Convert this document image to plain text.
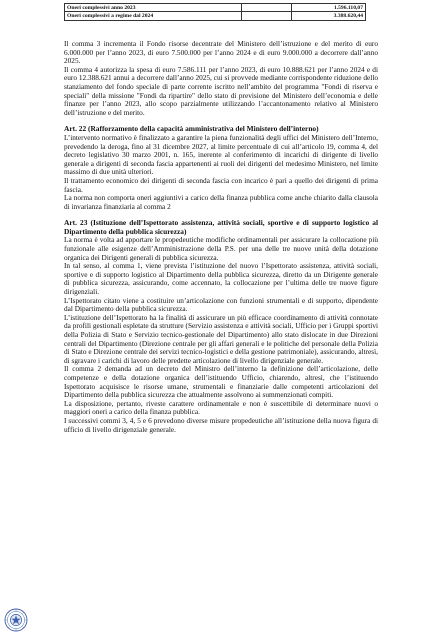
Oneri complessivi anno 2023		1.596.110,07
Oneri complessivi a regime dal 2024		3.388.620,44

Il comma 3 incrementa il Fondo risorse decentrate del Ministero dell’istruzione e del merito di euro 6.000.000 per l’anno 2023, di euro 7.500.000 per l’anno 2024 e di euro 9.000.000 a decorrere dall’anno 2025.

Il comma 4 autorizza la spesa di euro 7.586.111 per l’anno 2023, di euro 10.888.621 per l’anno 2024 e di euro 12.388.621 annui a decorrere dall’anno 2025, cui si provvede mediante corrispondente riduzione dello stanziamento del fondo speciale di parte corrente iscritto nell’ambito del programma "Fondi di riserva e speciali" della missione "Fondi da ripartire" dello stato di previsione del Ministero dell’economia e delle finanze per l’anno 2023, allo scopo parzialmente utilizzando l’accantonamento relativo al Ministero dell’istruzione e del merito.

Art. 22 (Rafforzamento della capacità amministrativa del Ministero dell’interno)

L’intervento normativo è finalizzato a garantire la piena funzionalità degli uffici del Ministero dell’Interno, prevedendo la deroga, fino al 31 dicembre 2027, al limite percentuale di cui all’articolo 19, comma 4, del decreto legislativo 30 marzo 2001, n. 165, inerente al conferimento di incarichi di dirigente di livello generale a dirigenti di seconda fascia appartenenti ai ruoli dei dirigenti del medesimo Ministero, nel limite massimo di due unità ulteriori.

Il trattamento economico dei dirigenti di seconda fascia con incarico è pari a quello dei dirigenti di prima fascia.

La norma non comporta oneri aggiuntivi a carico della finanza pubblica come anche chiarito dalla clausola di invarianza finanziaria al comma 2

Art. 23 (Istituzione dell’Ispettorato assistenza, attività sociali, sportive e di supporto logistico al Dipartimento della pubblica sicurezza)

La norma è volta ad apportare le propedeutiche modifiche ordinamentali per assicurare la collocazione più funzionale alle esigenze dell’Amministrazione della P.S. per una delle tre nuove unità della dotazione organica dei Dirigenti generali di pubblica sicurezza.

In tal senso, al comma 1, viene prevista l’istituzione del nuovo l’Ispettorato assistenza, attività sociali, sportive e di supporto logistico al Dipartimento della pubblica sicurezza, diretto da un Dirigente generale di pubblica sicurezza, assicurando, come accennato, la collocazione per l’ultima delle tre nuove figure dirigenziali.

L’Ispettorato citato viene a costituire un’articolazione con funzioni strumentali e di supporto, dipendente dal Dipartimento della pubblica sicurezza.

L’istituzione dell’Ispettorato ha la finalità di assicurare un più efficace coordinamento di attività connotate da profili gestionali espletate da strutture (Servizio assistenza e attività sociali, Ufficio per i Gruppi sportivi della Polizia di Stato e Servizio tecnico-gestionale del Dipartimento) allo stato dislocate in due Direzioni centrali del Dipartimento (Direzione centrale per gli affari generali e le politiche del personale della Polizia di Stato e Direzione centrale dei servizi tecnico-logistici e della gestione patrimoniale), assicurando, altresì, di sgravare i carichi di lavoro delle predette articolazione di livello dirigenziale generale.

Il comma 2 demanda ad un decreto del Ministro dell’interno la definizione dell’articolazione, delle competenze e della dotazione organica dell’istituendo Ufficio, chiarendo, altresì, che l’istituendo Ispettorato acquisisce le risorse umane, strumentali e finanziarie dalle competenti articolazioni del Dipartimento della pubblica sicurezza che attualmente assolvono ai summenzionati compiti.

La disposizione, pertanto, riveste carattere ordinamentale e non è suscettibile di determinare nuovi o maggiori oneri a carico della finanza pubblica.

I successivi commi 3, 4, 5 e 6 prevedono diverse misure propedeutiche all’istituzione della nuova figura di ufficio di livello dirigenziale generale.
